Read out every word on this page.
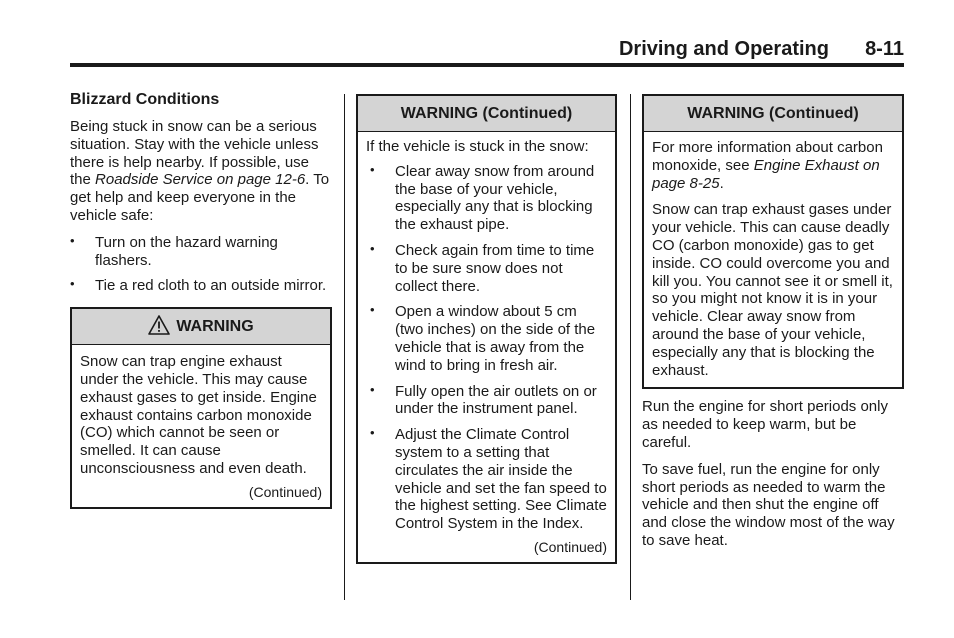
Driving and Operating 8-11
Blizzard Conditions

Being stuck in snow can be a serious situation. Stay with the vehicle unless there is help nearby. If possible, use the Roadside Service on page 12-6. To get help and keep everyone in the vehicle safe:

• Turn on the hazard warning flashers.
• Tie a red cloth to an outside mirror.
WARNING

Snow can trap engine exhaust under the vehicle. This may cause exhaust gases to get inside. Engine exhaust contains carbon monoxide (CO) which cannot be seen or smelled. It can cause unconsciousness and even death.

(Continued)
WARNING (Continued)

If the vehicle is stuck in the snow:

• Clear away snow from around the base of your vehicle, especially any that is blocking the exhaust pipe.
• Check again from time to time to be sure snow does not collect there.
• Open a window about 5 cm (two inches) on the side of the vehicle that is away from the wind to bring in fresh air.
• Fully open the air outlets on or under the instrument panel.
• Adjust the Climate Control system to a setting that circulates the air inside the vehicle and set the fan speed to the highest setting. See Climate Control System in the Index.
(Continued)
WARNING (Continued)

For more information about carbon monoxide, see Engine Exhaust on page 8-25.

Snow can trap exhaust gases under your vehicle. This can cause deadly CO (carbon monoxide) gas to get inside. CO could overcome you and kill you. You cannot see it or smell it, so you might not know it is in your vehicle. Clear away snow from around the base of your vehicle, especially any that is blocking the exhaust.

Run the engine for short periods only as needed to keep warm, but be careful.

To save fuel, run the engine for only short periods as needed to warm the vehicle and then shut the engine off and close the window most of the way to save heat.
